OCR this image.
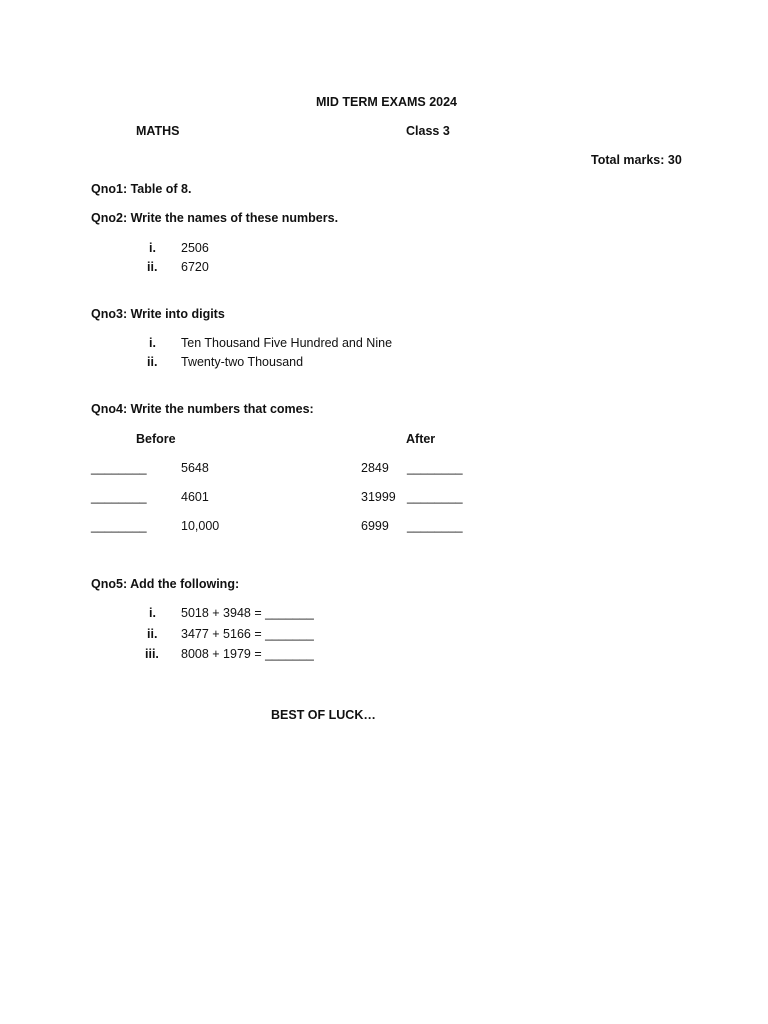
MID TERM EXAMS 2024
MATHS	Class 3
Total marks: 30
Qno1: Table of 8.
Qno2: Write the names of these numbers.
i. 2506
ii. 6720
Qno3: Write into digits
i. Ten Thousand Five Hundred and Nine
ii. Twenty-two Thousand
Qno4: Write the numbers that comes:
Before	After
________	5648	2849 ________
________	4601	31999 ________
________	10,000	6999 ________
Qno5: Add the following:
i. 5018 + 3948 = _______
ii. 3477 + 5166 = _______
iii. 8008 + 1979 = _______
BEST OF LUCK…
